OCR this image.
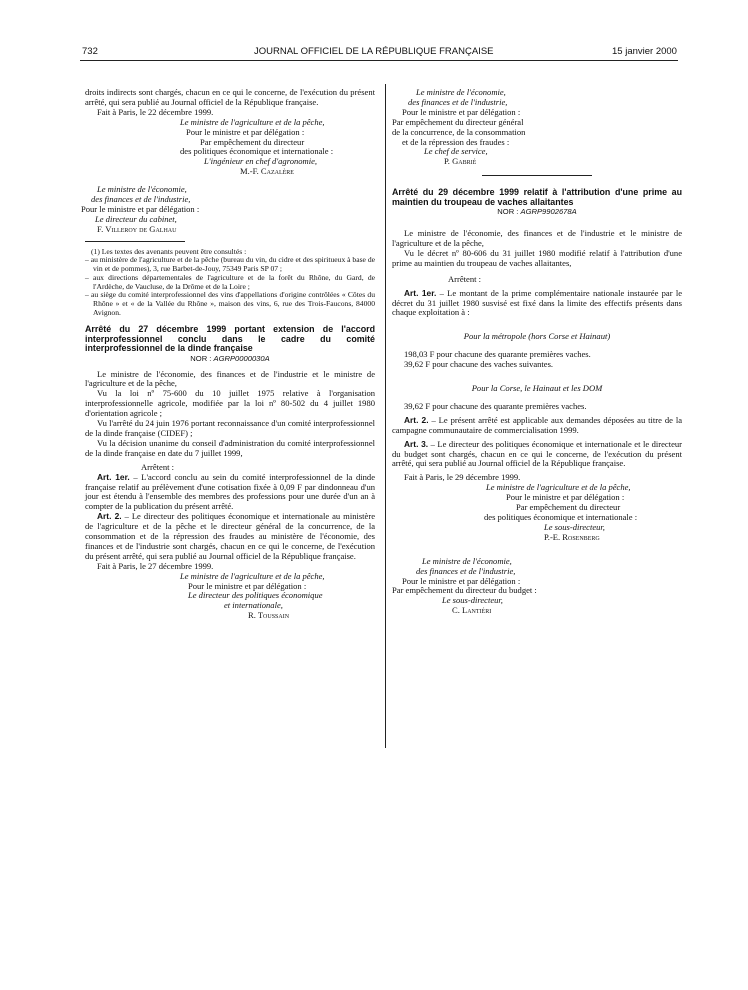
732	JOURNAL OFFICIEL DE LA RÉPUBLIQUE FRANÇAISE	15 janvier 2000

droits indirects sont chargés, chacun en ce qui le concerne, de l'exécution du présent arrêté, qui sera publié au Journal officiel de la République française.

Fait à Paris, le 22 décembre 1999.

Le ministre de l'agriculture et de la pêche,

Pour le ministre et par délégation :

Par empêchement du directeur

des politiques économique et internationale :

L'ingénieur en chef d'agronomie,

M.-F. Cazalère

Le ministre de l'économie,

des finances et de l'industrie,

Pour le ministre et par délégation :

Le directeur du cabinet,

F. Villeroy de Galhau

(1) Les textes des avenants peuvent être consultés :

– au ministère de l'agriculture et de la pêche (bureau du vin, du cidre et des spiritueux à base de vin et de pommes), 3, rue Barbet-de-Jouy, 75349 Paris SP 07 ;

– aux directions départementales de l'agriculture et de la forêt du Rhône, du Gard, de l'Ardèche, de Vaucluse, de la Drôme et de la Loire ;

– au siège du comité interprofessionnel des vins d'appellations d'origine contrôlées « Côtes du Rhône » et « de la Vallée du Rhône », maison des vins, 6, rue des Trois-Faucons, 84000 Avignon.

Arrêté du 27 décembre 1999 portant extension de l'accord interprofessionnel conclu dans le cadre du comité interprofessionnel de la dinde française

NOR : AGRP0000030A

Le ministre de l'économie, des finances et de l'industrie et le ministre de l'agriculture et de la pêche,

Vu la loi nº 75-600 du 10 juillet 1975 relative à l'organisation interprofessionnelle agricole, modifiée par la loi nº 80-502 du 4 juillet 1980 d'orientation agricole ;

Vu l'arrêté du 24 juin 1976 portant reconnaissance d'un comité interprofessionnel de la dinde française (CIDEF) ;

Vu la décision unanime du conseil d'administration du comité interprofessionnel de la dinde française en date du 7 juillet 1999,

Arrêtent :

Art. 1er. – L'accord conclu au sein du comité interprofessionnel de la dinde française relatif au prélèvement d'une cotisation fixée à 0,09 F par dindonneau d'un jour est étendu à l'ensemble des membres des professions pour une durée d'un an à compter de la publication du présent arrêté.

Art. 2. – Le directeur des politiques économique et internationale au ministère de l'agriculture et de la pêche et le directeur général de la concurrence, de la consommation et de la répression des fraudes au ministère de l'économie, des finances et de l'industrie sont chargés, chacun en ce qui le concerne, de l'exécution du présent arrêté, qui sera publié au Journal officiel de la République française.

Fait à Paris, le 27 décembre 1999.

Le ministre de l'agriculture et de la pêche,

Pour le ministre et par délégation :

Le directeur des politiques économique

et internationale,

R. Toussain

Le ministre de l'économie,

des finances et de l'industrie,

Pour le ministre et par délégation :

Par empêchement du directeur général

de la concurrence, de la consommation

et de la répression des fraudes :

Le chef de service,

P. Gabrié

Arrêté du 29 décembre 1999 relatif à l'attribution d'une prime au maintien du troupeau de vaches allaitantes

NOR : AGRP9902678A

Le ministre de l'économie, des finances et de l'industrie et le ministre de l'agriculture et de la pêche,

Vu le décret nº 80-606 du 31 juillet 1980 modifié relatif à l'attribution d'une prime au maintien du troupeau de vaches allaitantes,

Arrêtent :

Art. 1er. – Le montant de la prime complémentaire nationale instaurée par le décret du 31 juillet 1980 susvisé est fixé dans la limite des effectifs présents dans chaque exploitation à :

Pour la métropole (hors Corse et Hainaut)

198,03 F pour chacune des quarante premières vaches.

39,62 F pour chacune des vaches suivantes.

Pour la Corse, le Hainaut et les DOM

39,62 F pour chacune des quarante premières vaches.

Art. 2. – Le présent arrêté est applicable aux demandes déposées au titre de la campagne communautaire de commercialisation 1999.

Art. 3. – Le directeur des politiques économique et internationale et le directeur du budget sont chargés, chacun en ce qui le concerne, de l'exécution du présent arrêté, qui sera publié au Journal officiel de la République française.

Fait à Paris, le 29 décembre 1999.

Le ministre de l'agriculture et de la pêche,

Pour le ministre et par délégation :

Par empêchement du directeur

des politiques économique et internationale :

Le sous-directeur,

P.-E. Rosenberg

Le ministre de l'économie,

des finances et de l'industrie,

Pour le ministre et par délégation :

Par empêchement du directeur du budget :

Le sous-directeur,

C. Lantiéri
